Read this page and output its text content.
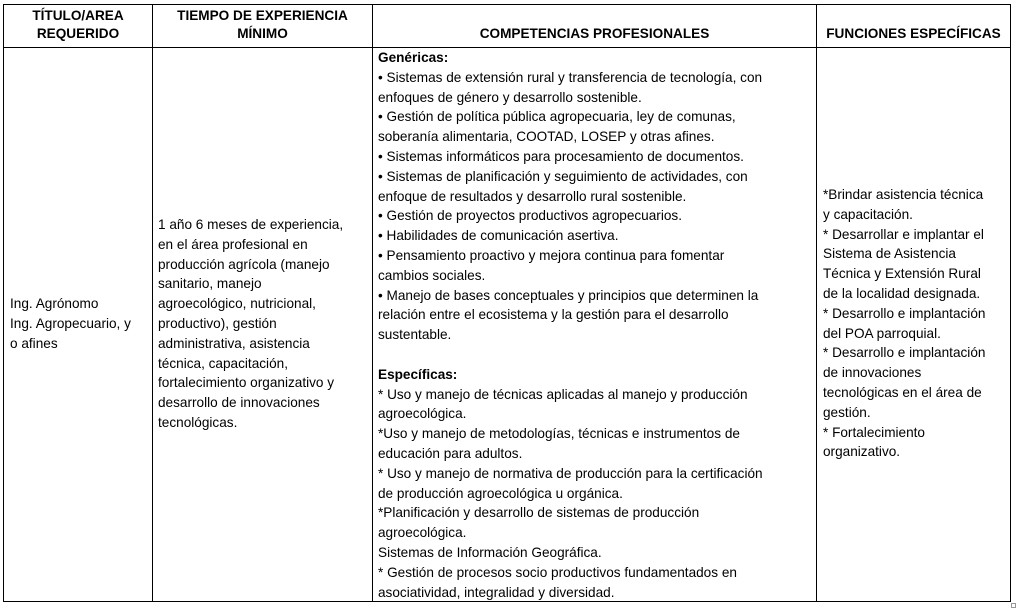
TÍTULO/AREA
REQUERIDO
TIEMPO DE EXPERIENCIA
MÍNIMO	COMPETENCIAS PROFESIONALES	FUNCIONES ESPECÍFICAS
Ing. Agrónomo
Ing. Agropecuario, y
o afines
1 año 6 meses de experiencia,
en el área profesional en
producción agrícola (manejo
sanitario, manejo
agroecológico, nutricional,
productivo), gestión
administrativa, asistencia
técnica, capacitación,
fortalecimiento organizativo y
desarrollo de innovaciones
tecnológicas.
Genéricas:
• Sistemas de extensión rural y transferencia de tecnología, con
enfoques de género y desarrollo sostenible.
• Gestión de política pública agropecuaria, ley de comunas,
soberanía alimentaria, COOTAD, LOSEP y otras afines.
• Sistemas informáticos para procesamiento de documentos.
• Sistemas de planificación y seguimiento de actividades, con
enfoque de resultados y desarrollo rural sostenible.
• Gestión de proyectos productivos agropecuarios.
• Habilidades de comunicación asertiva.
• Pensamiento proactivo y mejora continua para fomentar
cambios sociales.
• Manejo de bases conceptuales y principios que determinen la
relación entre el ecosistema y la gestión para el desarrollo
sustentable.
Específicas:
* Uso y manejo de técnicas aplicadas al manejo y producción
agroecológica.
*Uso y manejo de metodologías, técnicas e instrumentos de
educación para adultos.
* Uso y manejo de normativa de producción para la certificación
de producción agroecológica u orgánica.
*Planificación y desarrollo de sistemas de producción
agroecológica.
Sistemas de Información Geográfica.
* Gestión de procesos socio productivos fundamentados en
asociatividad, integralidad y diversidad.
*Brindar asistencia técnica
y capacitación.
* Desarrollar e implantar el
Sistema de Asistencia
Técnica y Extensión Rural
de la localidad designada.
* Desarrollo e implantación
del POA parroquial.
* Desarrollo e implantación
de innovaciones
tecnológicas en el área de
gestión.
* Fortalecimiento
organizativo.
